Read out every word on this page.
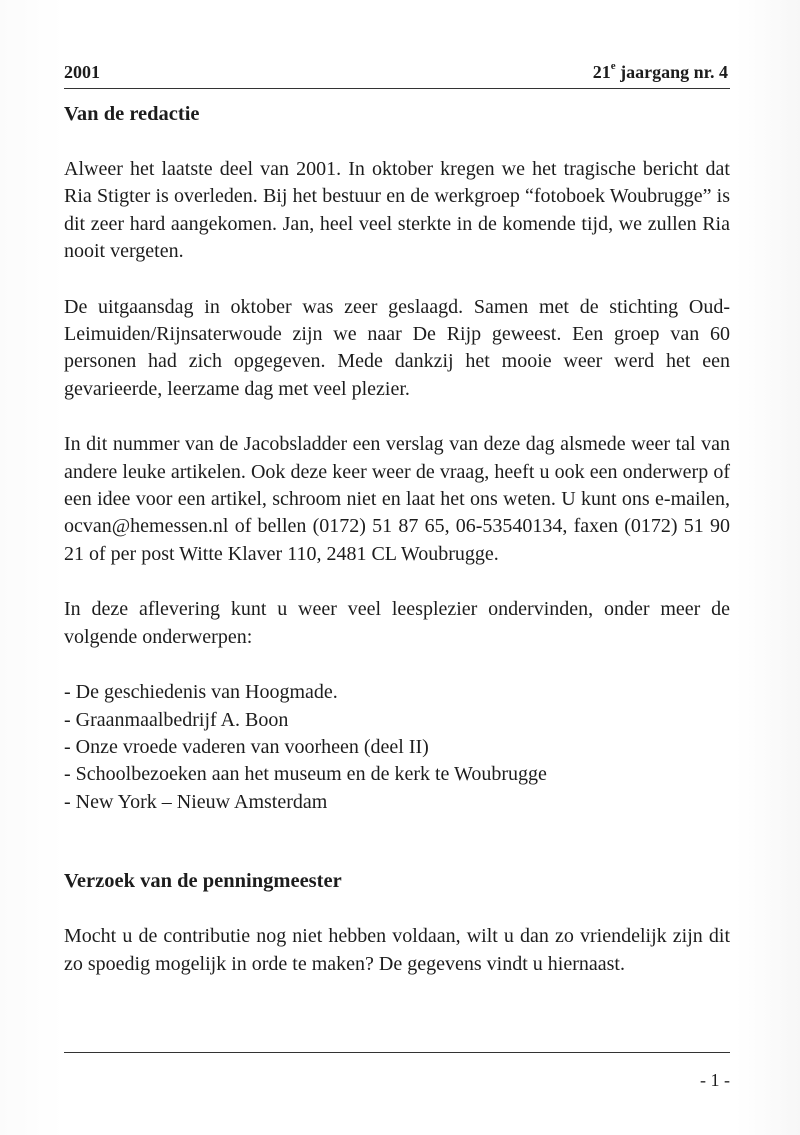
2001	21e jaargang nr. 4
Van de redactie

Alweer het laatste deel van 2001. In oktober kregen we het tragische bericht dat Ria Stigter is overleden. Bij het bestuur en de werkgroep “fotoboek Woubrugge” is dit zeer hard aangekomen. Jan, heel veel sterkte in de komende tijd, we zullen Ria nooit vergeten.

De uitgaansdag in oktober was zeer geslaagd. Samen met de stichting Oud-Leimuiden/Rijnsaterwoude zijn we naar De Rijp geweest. Een groep van 60 personen had zich opgegeven. Mede dankzij het mooie weer werd het een gevarieerde, leerzame dag met veel plezier.

In dit nummer van de Jacobsladder een verslag van deze dag alsmede weer tal van andere leuke artikelen. Ook deze keer weer de vraag, heeft u ook een onderwerp of een idee voor een artikel, schroom niet en laat het ons weten. U kunt ons e-mailen, ocvan@hemessen.nl of bellen (0172) 51 87 65, 06-53540134, faxen (0172) 51 90 21 of per post Witte Klaver 110, 2481 CL Woubrugge.

In deze aflevering kunt u weer veel leesplezier ondervinden, onder meer de volgende onderwerpen:

- De geschiedenis van Hoogmade.
- Graanmaalbedrijf A. Boon
- Onze vroede vaderen van voorheen (deel II)
- Schoolbezoeken aan het museum en de kerk te Woubrugge
- New York – Nieuw Amsterdam
Verzoek van de penningmeester

Mocht u de contributie nog niet hebben voldaan, wilt u dan zo vriendelijk zijn dit zo spoedig mogelijk in orde te maken? De gegevens vindt u hiernaast.

- 1 -
